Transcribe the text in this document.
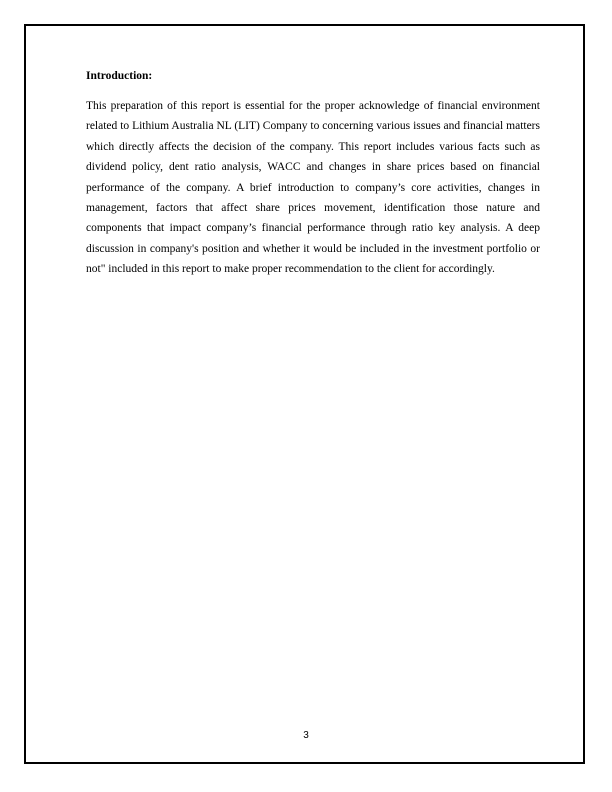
Introduction:

This preparation of this report is essential for the proper acknowledge of financial environment related to Lithium Australia NL (LIT) Company to concerning various issues and financial matters which directly affects the decision of the company. This report includes various facts such as dividend policy, dent ratio analysis, WACC and changes in share prices based on financial performance of the company. A brief introduction to company’s core activities, changes in management, factors that affect share prices movement, identification those nature and components that impact company’s financial performance through ratio key analysis. A deep discussion in company's position and whether it would be included in the investment portfolio or not" included in this report to make proper recommendation to the client for accordingly.

3
